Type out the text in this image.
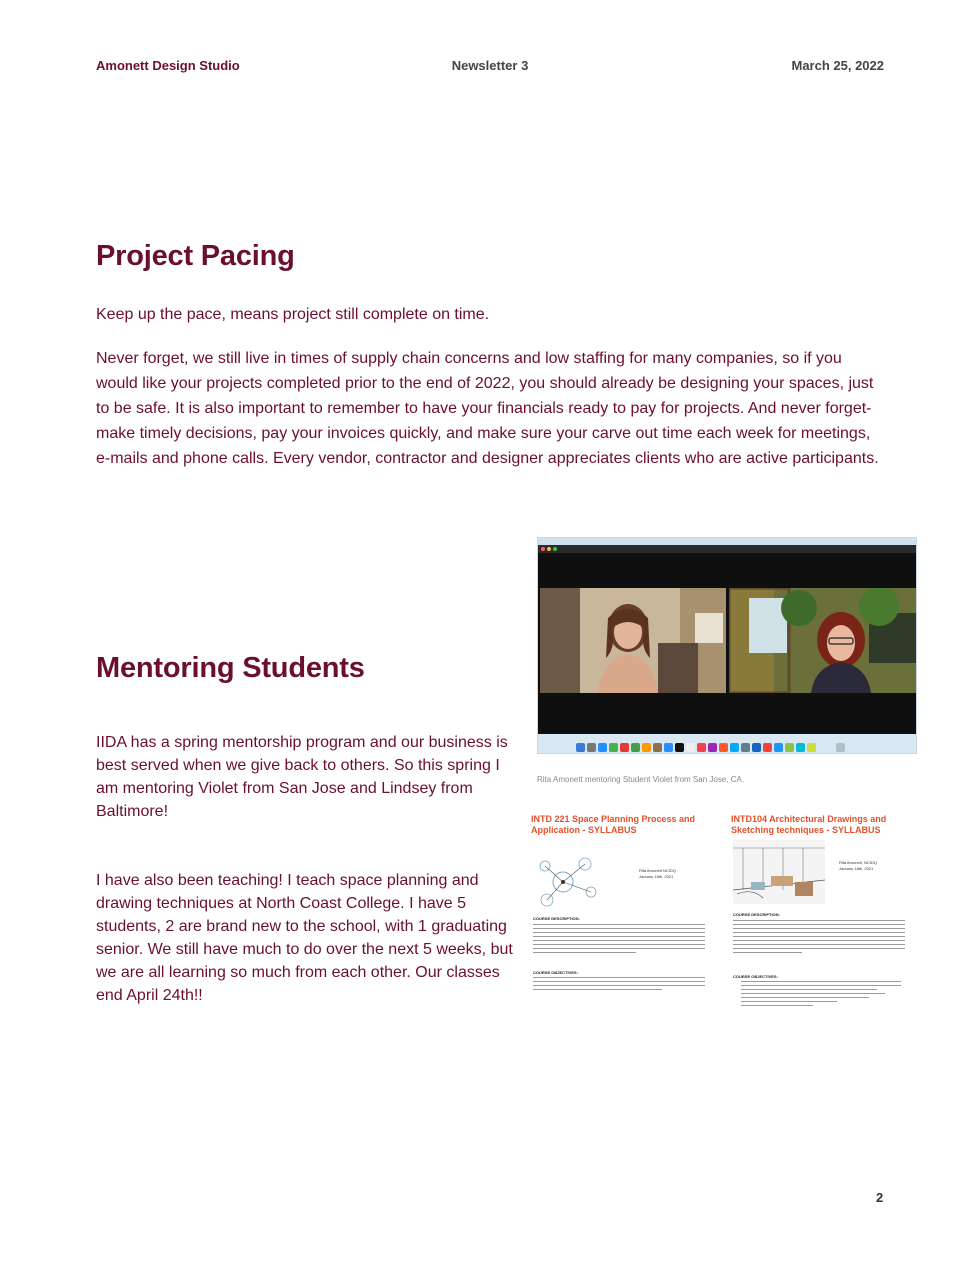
Amonett Design Studio	Newsletter 3	March 25, 2022
Project Pacing

Keep up the pace, means project still complete on time.

Never forget, we still live in times of supply chain concerns and low staffing for many companies, so if you would like your projects completed prior to the end of 2022, you should already be designing your spaces, just to be safe. It is also important to remember to have your financials ready to pay for projects. And never forget- make timely decisions, pay your invoices quickly, and make sure your carve out time each week for meetings, e-mails and phone calls. Every vendor, contractor and designer appreciates clients who are active participants.

Mentoring Students

IIDA has a spring mentorship program and our business is best served when we give back to others. So this spring I am mentoring Violet from San Jose and Lindsey from Baltimore!

I have also been teaching! I teach space planning and drawing techniques at North Coast College. I have 5 students, 2 are brand new to the school, with 1 graduating senior. We still have much to do over the next 5 weeks, but we are all learning so much from each other. Our classes end April 24th!!

Rita Amonett mentoring Student Violet from San Jose, CA.

INTD 221 Space Planning Process and Application - SYLLABUS
Rita Amonett NCIDQ
January 18th, 2021
COURSE DESCRIPTION:
COURSE OBJECTIVES:
INTD104 Architectural Drawings and Sketching techniques - SYLLABUS
Rita Amonett, NCIDQ
January 18th, 2021
COURSE DESCRIPTION:
COURSE OBJECTIVES:
2
